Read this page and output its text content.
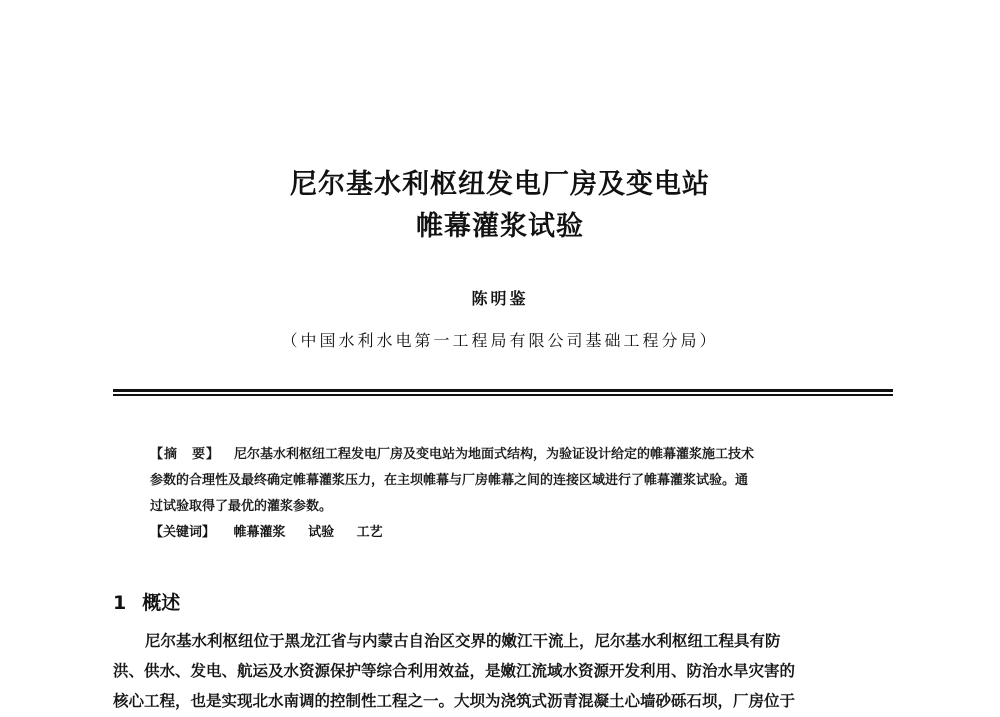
尼尔基水利枢纽发电厂房及变电站
帷幕灌浆试验
陈明鉴
（中国水利水电第一工程局有限公司基础工程分局）
【摘　要】 尼尔基水利枢纽工程发电厂房及变电站为地面式结构，为验证设计给定的帷幕灌浆施工技术
参数的合理性及最终确定帷幕灌浆压力，在主坝帷幕与厂房帷幕之间的连接区域进行了帷幕灌浆试验。通
过试验取得了最优的灌浆参数。
【关键词】 帷幕灌浆 试验 工艺
1 概述
尼尔基水利枢纽位于黑龙江省与内蒙古自治区交界的嫩江干流上，尼尔基水利枢纽工程具有防
洪、供水、发电、航运及水资源保护等综合利用效益，是嫩江流域水资源开发利用、防治水旱灾害的
核心工程，也是实现北水南调的控制性工程之一。大坝为浇筑式沥青混凝土心墙砂砾石坝，厂房位于
